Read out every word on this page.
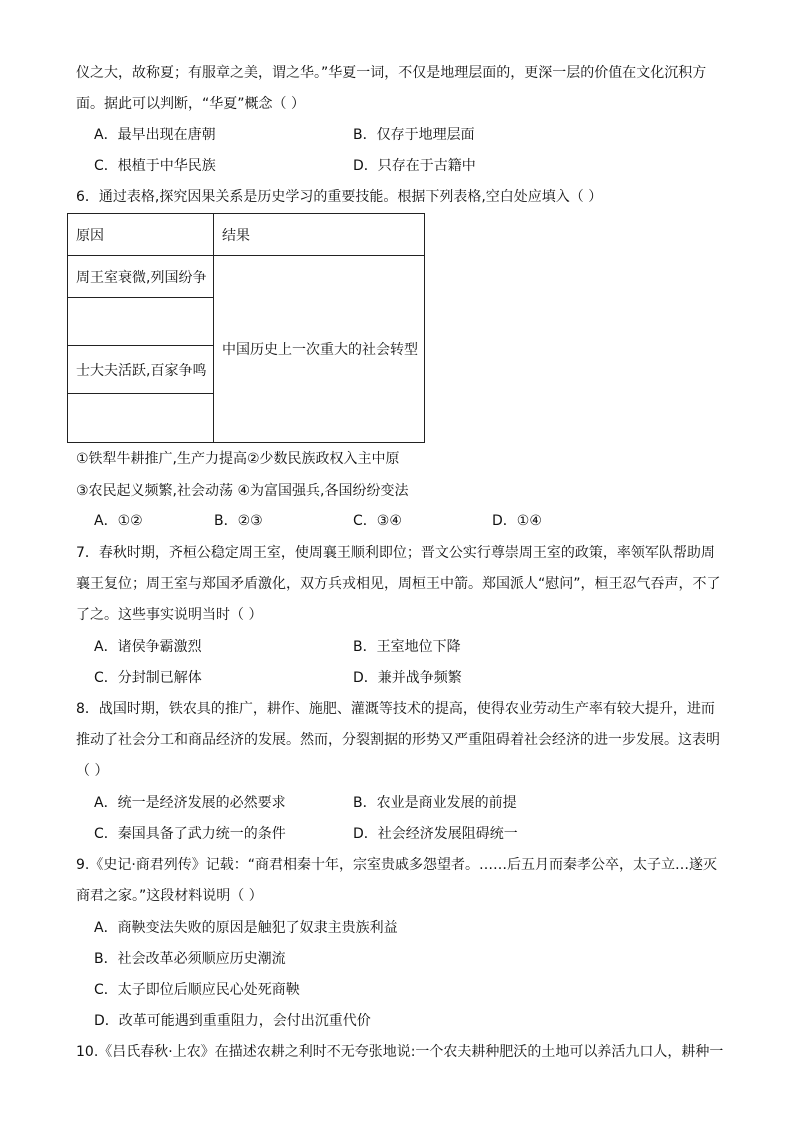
仪之大，故称夏；有服章之美，谓之华。”华夏一词，不仅是地理层面的，更深一层的价值在文化沉积方
面。据此可以判断，“华夏”概念（ ）
A．最早出现在唐朝	B．仅存于地理层面
C．根植于中华民族	D．只存在于古籍中
6．通过表格,探究因果关系是历史学习的重要技能。根据下列表格,空白处应填入（ ）
原因	结果
周王室衰微,列国纷争	中国历史上一次重大的社会转型

士大夫活跃,百家争鸣	

①铁犁牛耕推广,生产力提高②少数民族政权入主中原
③农民起义频繁,社会动荡 ④为富国强兵,各国纷纷变法
A．①②	B．②③	C．③④	D．①④
7．春秋时期，齐桓公稳定周王室，使周襄王顺利即位；晋文公实行尊崇周王室的政策，率领军队帮助周
襄王复位；周王室与郑国矛盾激化，双方兵戎相见，周桓王中箭。郑国派人“慰问”，桓王忍气吞声，不了
了之。这些事实说明当时（ ）
A．诸侯争霸激烈	B．王室地位下降
C．分封制已解体	D．兼并战争频繁
8．战国时期，铁农具的推广，耕作、施肥、灌溉等技术的提高，使得农业劳动生产率有较大提升，进而
推动了社会分工和商品经济的发展。然而，分裂割据的形势又严重阻碍着社会经济的进一步发展。这表明
（ ）
A．统一是经济发展的必然要求	B．农业是商业发展的前提
C．秦国具备了武力统一的条件	D．社会经济发展阻碍统一
9.《史记·商君列传》记载：“商君相秦十年，宗室贵戚多怨望者。……后五月而秦孝公卒，太子立…遂灭
商君之家。”这段材料说明（ ）
A．商鞅变法失败的原因是触犯了奴隶主贵族利益
B．社会改革必须顺应历史潮流
C．太子即位后顺应民心处死商鞅
D．改革可能遇到重重阻力，会付出沉重代价
10.《吕氏春秋·上农》在描述农耕之利时不无夸张地说:一个农夫耕种肥沃的土地可以养活九口人，耕种一
